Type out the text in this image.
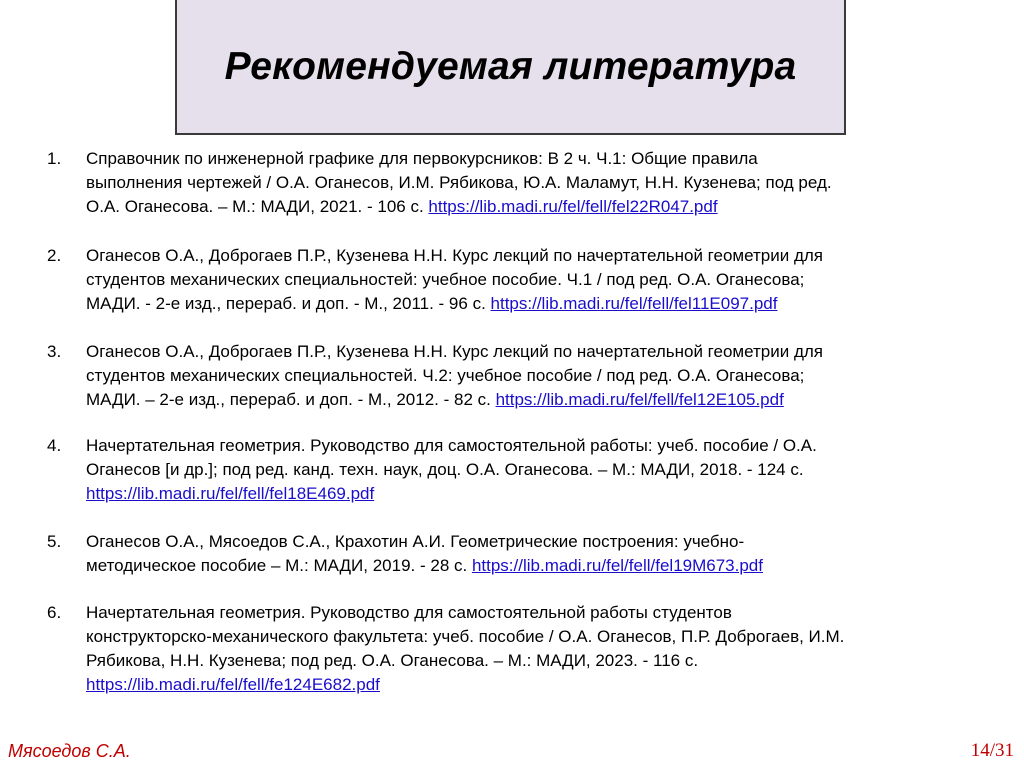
Рекомендуемая литература
1. Справочник по инженерной графике для первокурсников: В 2 ч. Ч.1: Общие правила
выполнения чертежей / О.А. Оганесов, И.М. Рябикова, Ю.А. Маламут, Н.Н. Кузенева; под ред.
О.А. Оганесова. – М.: МАДИ, 2021. - 106 с. https://lib.madi.ru/fel/fell/fel22R047.pdf
2. Оганесов О.А., Доброгаев П.Р., Кузенева Н.Н. Курс лекций по начертательной геометрии для
студентов механических специальностей: учебное пособие. Ч.1 / под ред. О.А. Оганесова;
МАДИ. - 2-е изд., перераб. и доп. - М., 2011. - 96 с. https://lib.madi.ru/fel/fell/fel11E097.pdf
3. Оганесов О.А., Доброгаев П.Р., Кузенева Н.Н. Курс лекций по начертательной геометрии для
студентов механических специальностей. Ч.2: учебное пособие / под ред. О.А. Оганесова;
МАДИ. – 2-е изд., перераб. и доп. - М., 2012. - 82 с. https://lib.madi.ru/fel/fell/fel12E105.pdf
4. Начертательная геометрия. Руководство для самостоятельной работы: учеб. пособие / О.А.
Оганесов [и др.]; под ред. канд. техн. наук, доц. О.А. Оганесова. – М.: МАДИ, 2018. - 124 с.
https://lib.madi.ru/fel/fell/fel18E469.pdf
5. Оганесов О.А., Мясоедов С.А., Крахотин А.И. Геометрические построения: учебно-
методическое пособие – М.: МАДИ, 2019. - 28 с. https://lib.madi.ru/fel/fell/fel19M673.pdf
6. Начертательная геометрия. Руководство для самостоятельной работы студентов
конструкторско-механического факультета: учеб. пособие / О.А. Оганесов, П.Р. Доброгаев, И.М.
Рябикова, Н.Н. Кузенева; под ред. О.А. Оганесова. – М.: МАДИ, 2023. - 116 с.
https://lib.madi.ru/fel/fell/fe124E682.pdf
Мясоедов С.А.	14/31
